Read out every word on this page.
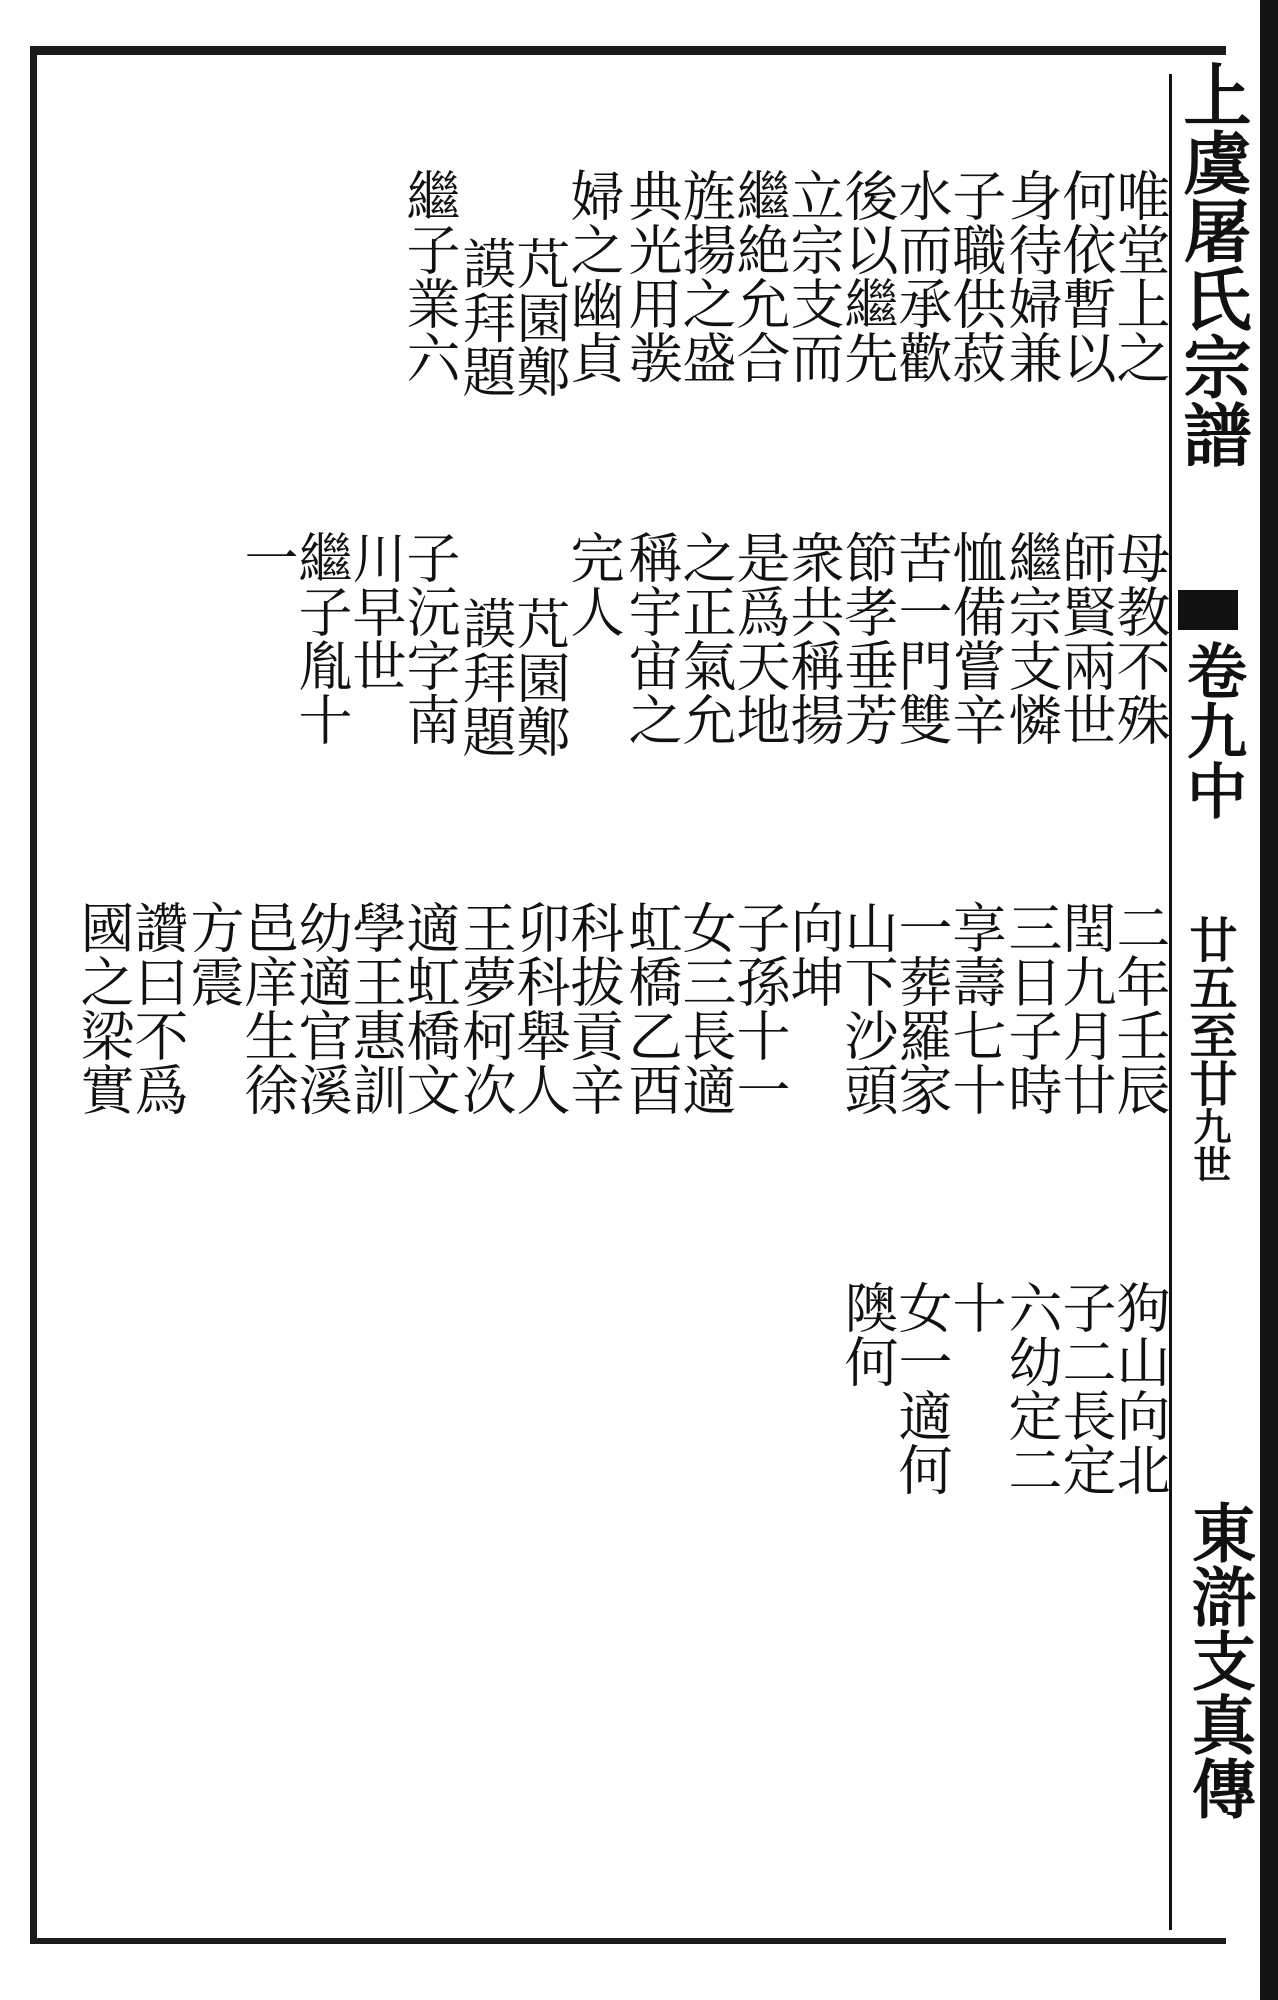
上虞屠氏宗譜
卷九中
廿五至廿九世
東滸支真傳
唯堂上之
何依暫以
身待婦兼
子職供菽
水而承歡
後以繼先
立宗支而
繼絶允合
旌揚之盛
典光用彂
婦之幽貞
芃園鄭
謨拜題
繼子業六
母教不殊
師賢兩世
繼宗支憐
恤備嘗辛
苦一門雙
節孝垂芳
衆共稱揚
是爲天地
之正氣允
稱宇宙之
完人
芃園鄭
謨拜題
子沅字南
川早世
繼子胤十
一
二年壬辰
閏九月廿
三日子時
享壽七十
一葬羅家
山下沙頭
向坤
子孫十一
女三長適
虹橋乙酉
科拔貢辛
卯科舉人
王夢柯次
適虹橋文
學王惠訓
幼適官溪
邑庠生徐
方震
讚曰不爲
國之梁實
狗山向北
子二長定
六幼定二
十
女一適何
隩何
